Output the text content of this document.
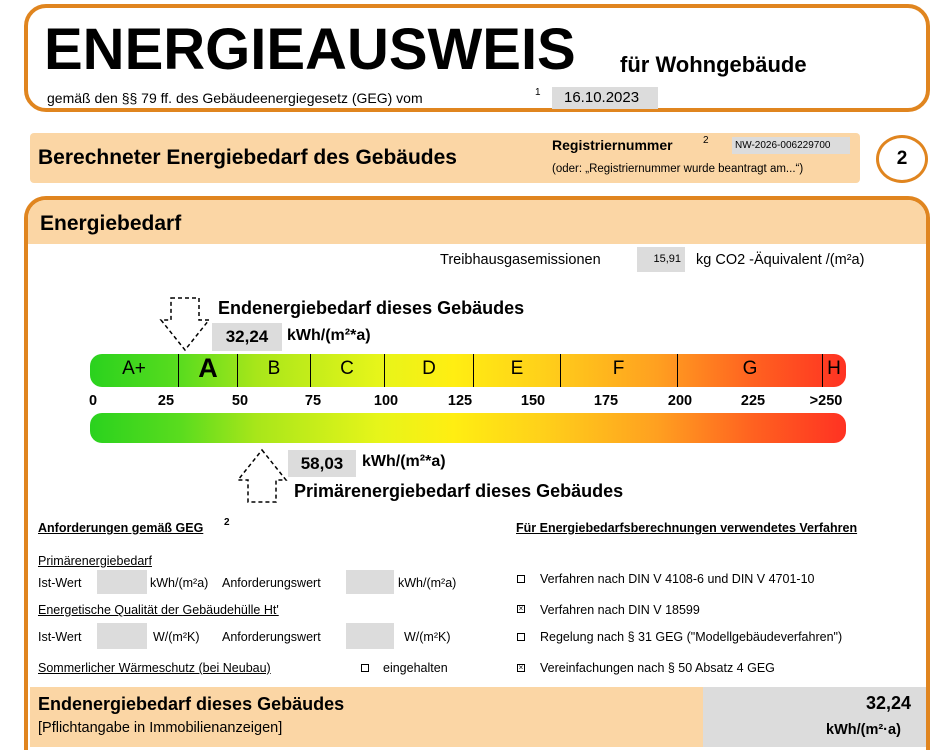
ENERGIEAUSWEIS für Wohngebäude
gemäß den §§ 79 ff. des Gebäudeenergiegesetz (GEG) vom	1	16.10.2023
Berechneter Energiebedarf des Gebäudes
Registriernummer	2	NW-2026-006229700
(oder: „Registriernummer wurde beantragt am...“)	2
Energiebedarf
Treibhausgasemissionen	15,91 kg CO2 -Äquivalent /(m²a)
Endenergiebedarf dieses Gebäudes
32,24	kWh/(m²*a)
A+	A	B	C	D	E	F	G	H
0	25	50	75	100	125	150	175	200	225	>250
58,03	kWh/(m²*a)
Primärenergiebedarf dieses Gebäudes
Anforderungen gemäß GEG 2
Primärenergiebedarf
Ist-Wert	kWh/(m²a) Anforderungswert	kWh/(m²a)
Energetische Qualität der Gebäudehülle Ht'
Ist-Wert	W/(m²K) Anforderungswert	W/(m²K)
Sommerlicher Wärmeschutz (bei Neubau)	eingehalten
Für Energiebedarfsberechnungen verwendetes Verfahren
Verfahren nach DIN V 4108-6 und DIN V 4701-10
× Verfahren nach DIN V 18599
Regelung nach § 31 GEG ("Modellgebäudeverfahren")
× Vereinfachungen nach § 50 Absatz 4 GEG
Endenergiebedarf dieses Gebäudes
[Pflichtangabe in Immobilienanzeigen]
32,24
kWh/(m²·a)
